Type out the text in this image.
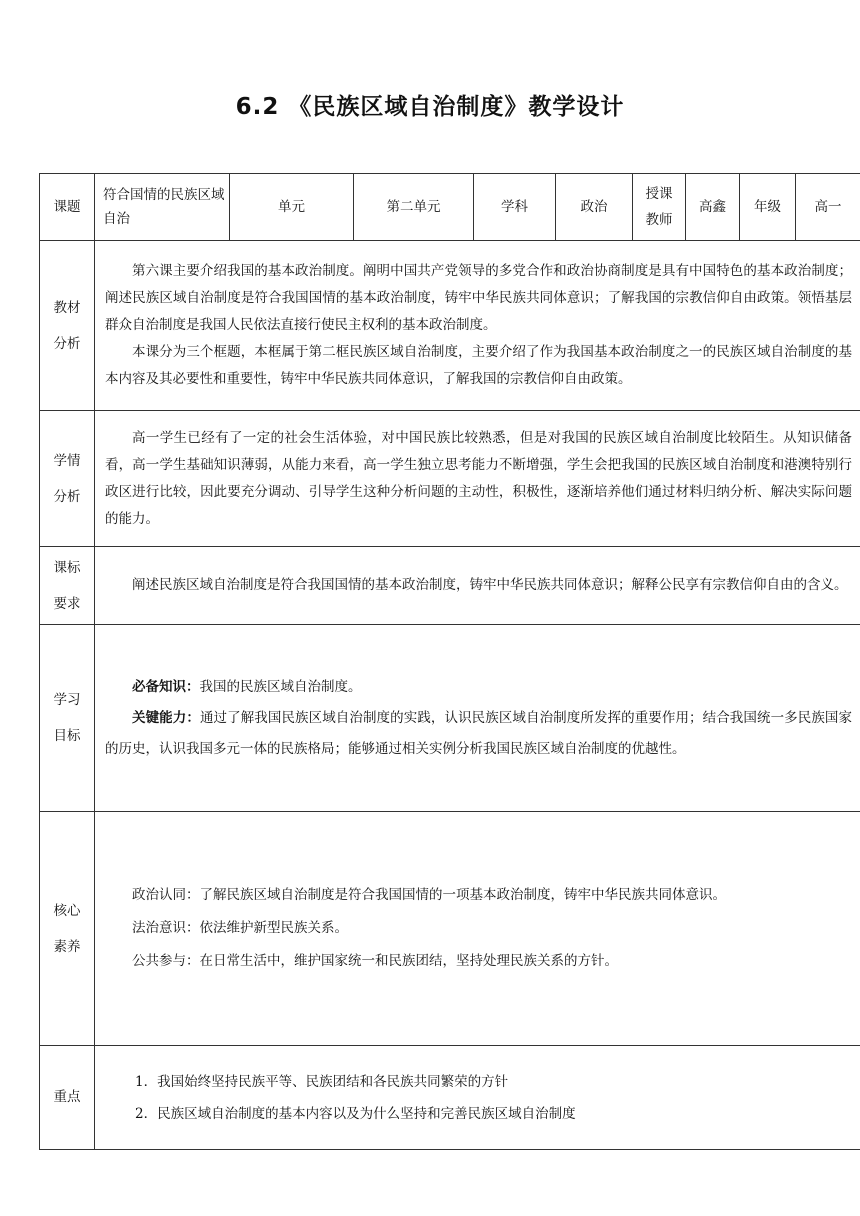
6.2 《民族区域自治制度》教学设计
课题	符合国情的民族区域自治	单元	第二单元	学科	政治	授课教师	高鑫	年级	高一

教材分析	第六课主要介绍我国的基本政治制度。阐明中国共产党领导的多党合作和政治协商制度是具有中国特色的基本政治制度；阐述民族区域自治制度是符合我国国情的基本政治制度，铸牢中华民族共同体意识；了解我国的宗教信仰自由政策。领悟基层群众自治制度是我国人民依法直接行使民主权利的基本政治制度。

本课分为三个框题，本框属于第二框民族区域自治制度，主要介绍了作为我国基本政治制度之一的民族区域自治制度的基本内容及其必要性和重要性，铸牢中华民族共同体意识，了解我国的宗教信仰自由政策。								

学情分析	高一学生已经有了一定的社会生活体验，对中国民族比较熟悉，但是对我国的民族区域自治制度比较陌生。从知识储备看，高一学生基础知识薄弱，从能力来看，高一学生独立思考能力不断增强，学生会把我国的民族区域自治制度和港澳特别行政区进行比较，因此要充分调动、引导学生这种分析问题的主动性，积极性，逐渐培养他们通过材料归纳分析、解决实际问题的能力。								

课标要求	阐述民族区域自治制度是符合我国国情的基本政治制度，铸牢中华民族共同体意识；解释公民享有宗教信仰自由的含义。								

学习目标	必备知识：我国的民族区域自治制度。

关键能力：通过了解我国民族区域自治制度的实践，认识民族区域自治制度所发挥的重要作用；结合我国统一多民族国家的历史，认识我国多元一体的民族格局；能够通过相关实例分析我国民族区域自治制度的优越性。								

核心素养	政治认同：了解民族区域自治制度是符合我国国情的一项基本政治制度，铸牢中华民族共同体意识。

法治意识：依法维护新型民族关系。

公共参与：在日常生活中，维护国家统一和民族团结，坚持处理民族关系的方针。								

重点	1．我国始终坚持民族平等、民族团结和各民族共同繁荣的方针

2．民族区域自治制度的基本内容以及为什么坚持和完善民族区域自治制度								
